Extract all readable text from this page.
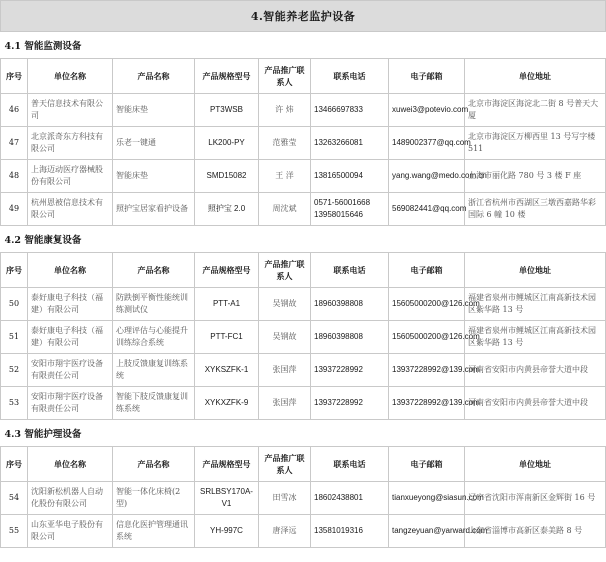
4.智能养老监护设备							
4.1 智能监测设备							
序号	单位名称	产品名称	产品规格型号	产品推广联系人	联系电话	电子邮箱	单位地址
46	普天信息技术有限公司	智能床垫	PT3WSB	许 炜	13466697833	xuwei3@potevio.com	北京市海淀区海淀北二街 8 号普天大厦
47	北京派奇东方科技有限公司	乐老一键通	LK200-PY	范雅莹	13263266081	1489002377@qq.com	北京市海淀区万柳西里 13 号写字楼511
48	上海迈动医疗器械股份有限公司	智能床垫	SMD15082	王 洋	13816500094	yang.wang@medo.com.cn	上海市丽化路 780 号 3 楼 F 座
49	杭州恩被信息技术有限公司	照护宝居家看护设备	照护宝 2.0	周沈斌	0571-56001668 13958015646	569082441@qq.com	浙江省杭州市西湖区三墩西嘉路华彩国际 6 幢 10 楼
4.2 智能康复设备							
序号	单位名称	产品名称	产品规格型号	产品推广联系人	联系电话	电子邮箱	单位地址
50	泰好康电子科技（福建）有限公司	防跌倒平衡性能统训练测试仪	PTT-A1	吴钢故	18960398808	15605000200@126.com	福建省泉州市鲤城区江南高新技术园区紫华路 13 号
51	泰好康电子科技（福建）有限公司	心理评估与心能提升训练综合系统	PTT-FC1	吴钢故	18960398808	15605000200@126.com	福建省泉州市鲤城区江南高新技术园区紫华路 13 号
52	安阳市翔宇医疗设备有限责任公司	上肢反馈康复训练系统	XYKSZFK-1	张国萍	13937228992	13937228992@139.com	河南省安阳市内黄县帝誉大道中段
53	安阳市翔宇医疗设备有限责任公司	智能下肢反馈康复训练系统	XYKXZFK-9	张国萍	13937228992	13937228992@139.com	河南省安阳市内黄县帝誉大道中段
4.3 智能护理设备							
序号	单位名称	产品名称	产品规格型号	产品推广联系人	联系电话	电子邮箱	单位地址
54	沈阳新松机器人自动化股份有限公司	智能一体化床椅(2型)	SRLBSY170A-V1	田雪冰	18602438801	tianxueyong@siasun.com	辽宁省沈阳市浑南新区金辉街 16 号
55	山东亚华电子股份有限公司	信息化医护管理通讯系统	YH-997C	唐泽远	13581019316	tangzeyuan@yarward.com	山东省淄博市高新区泰美路 8 号
